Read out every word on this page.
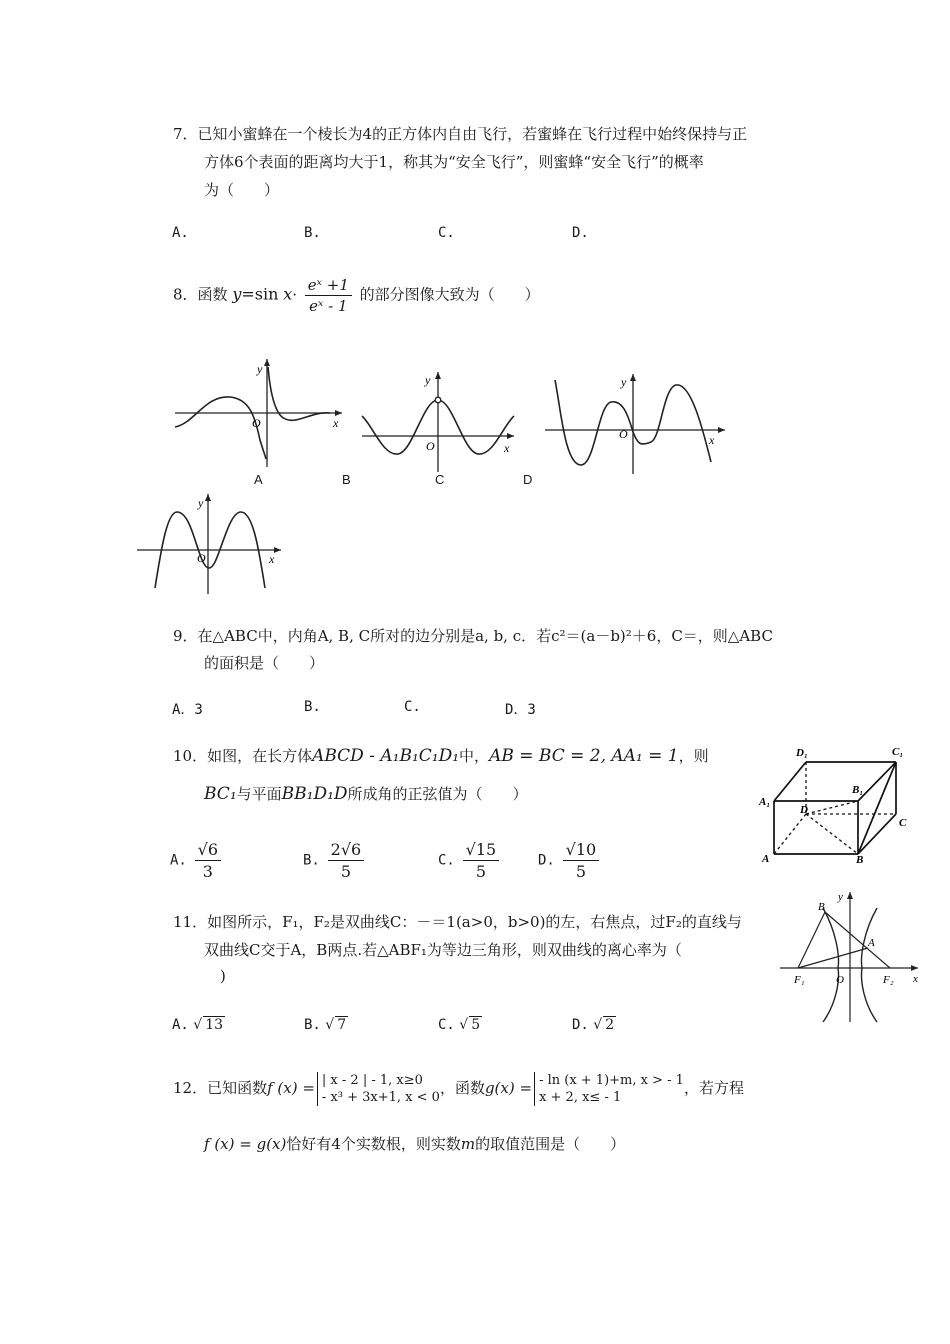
7．已知小蜜蜂在一个棱长为4的正方体内自由飞行，若蜜蜂在飞行过程中始终保持与正
方体6个表面的距离均大于1，称其为“安全飞行”，则蜜蜂“安全飞行”的概率
为（　　）
A.	B.	C.	D.
8．函数 y=sin $x\cdot \frac{\text{eˣ +1}}{\text{eˣ - 1}}$ 的部分图像大致为（　　）
y
x
O
y
x
O
y
x
O
A	B	C	D
y
x
O
9．在△ABC中，内角A, B, C所对的边分别是a, b, c．若c²＝(a－b)²＋6，C＝，则△ABC
的面积是（　　）
A．3	B.	C.	D．3
10．如图，在长方体ABCD - A₁B₁C₁D₁中，AB = BC = 2, AA₁ = 1，则
BC₁与平面BB₁D₁D所成角的正弦值为（　　）
A. $\frac{√6}{3}$	B. $\frac{2√6}{5}$	C. $\frac{√15}{5}$	D. $\frac{√10}{5}$
D₁	C₁
B₁
A₁
D
C
A	B
11．如图所示，F₁，F₂是双曲线C：－＝1(a>0，b>0)的左，右焦点，过F₂的直线与
双曲线C交于A，B两点.若△ABF₁为等边三角形，则双曲线的离心率为（
)
A. √ 13	B. √ 7	C. √ 5	D. √ 2
B
y
A
F₁	O	F₂ x
12．已知函数f (x) = | x - 2 | - 1, x≥0
- x³ + 3x+1, x < 0
，函数g(x) = - ln (x + 1)+m, x > - 1
x + 2, x≤ - 1
，若方程
f (x) = g(x)恰好有4个实数根，则实数m的取值范围是（　　）
